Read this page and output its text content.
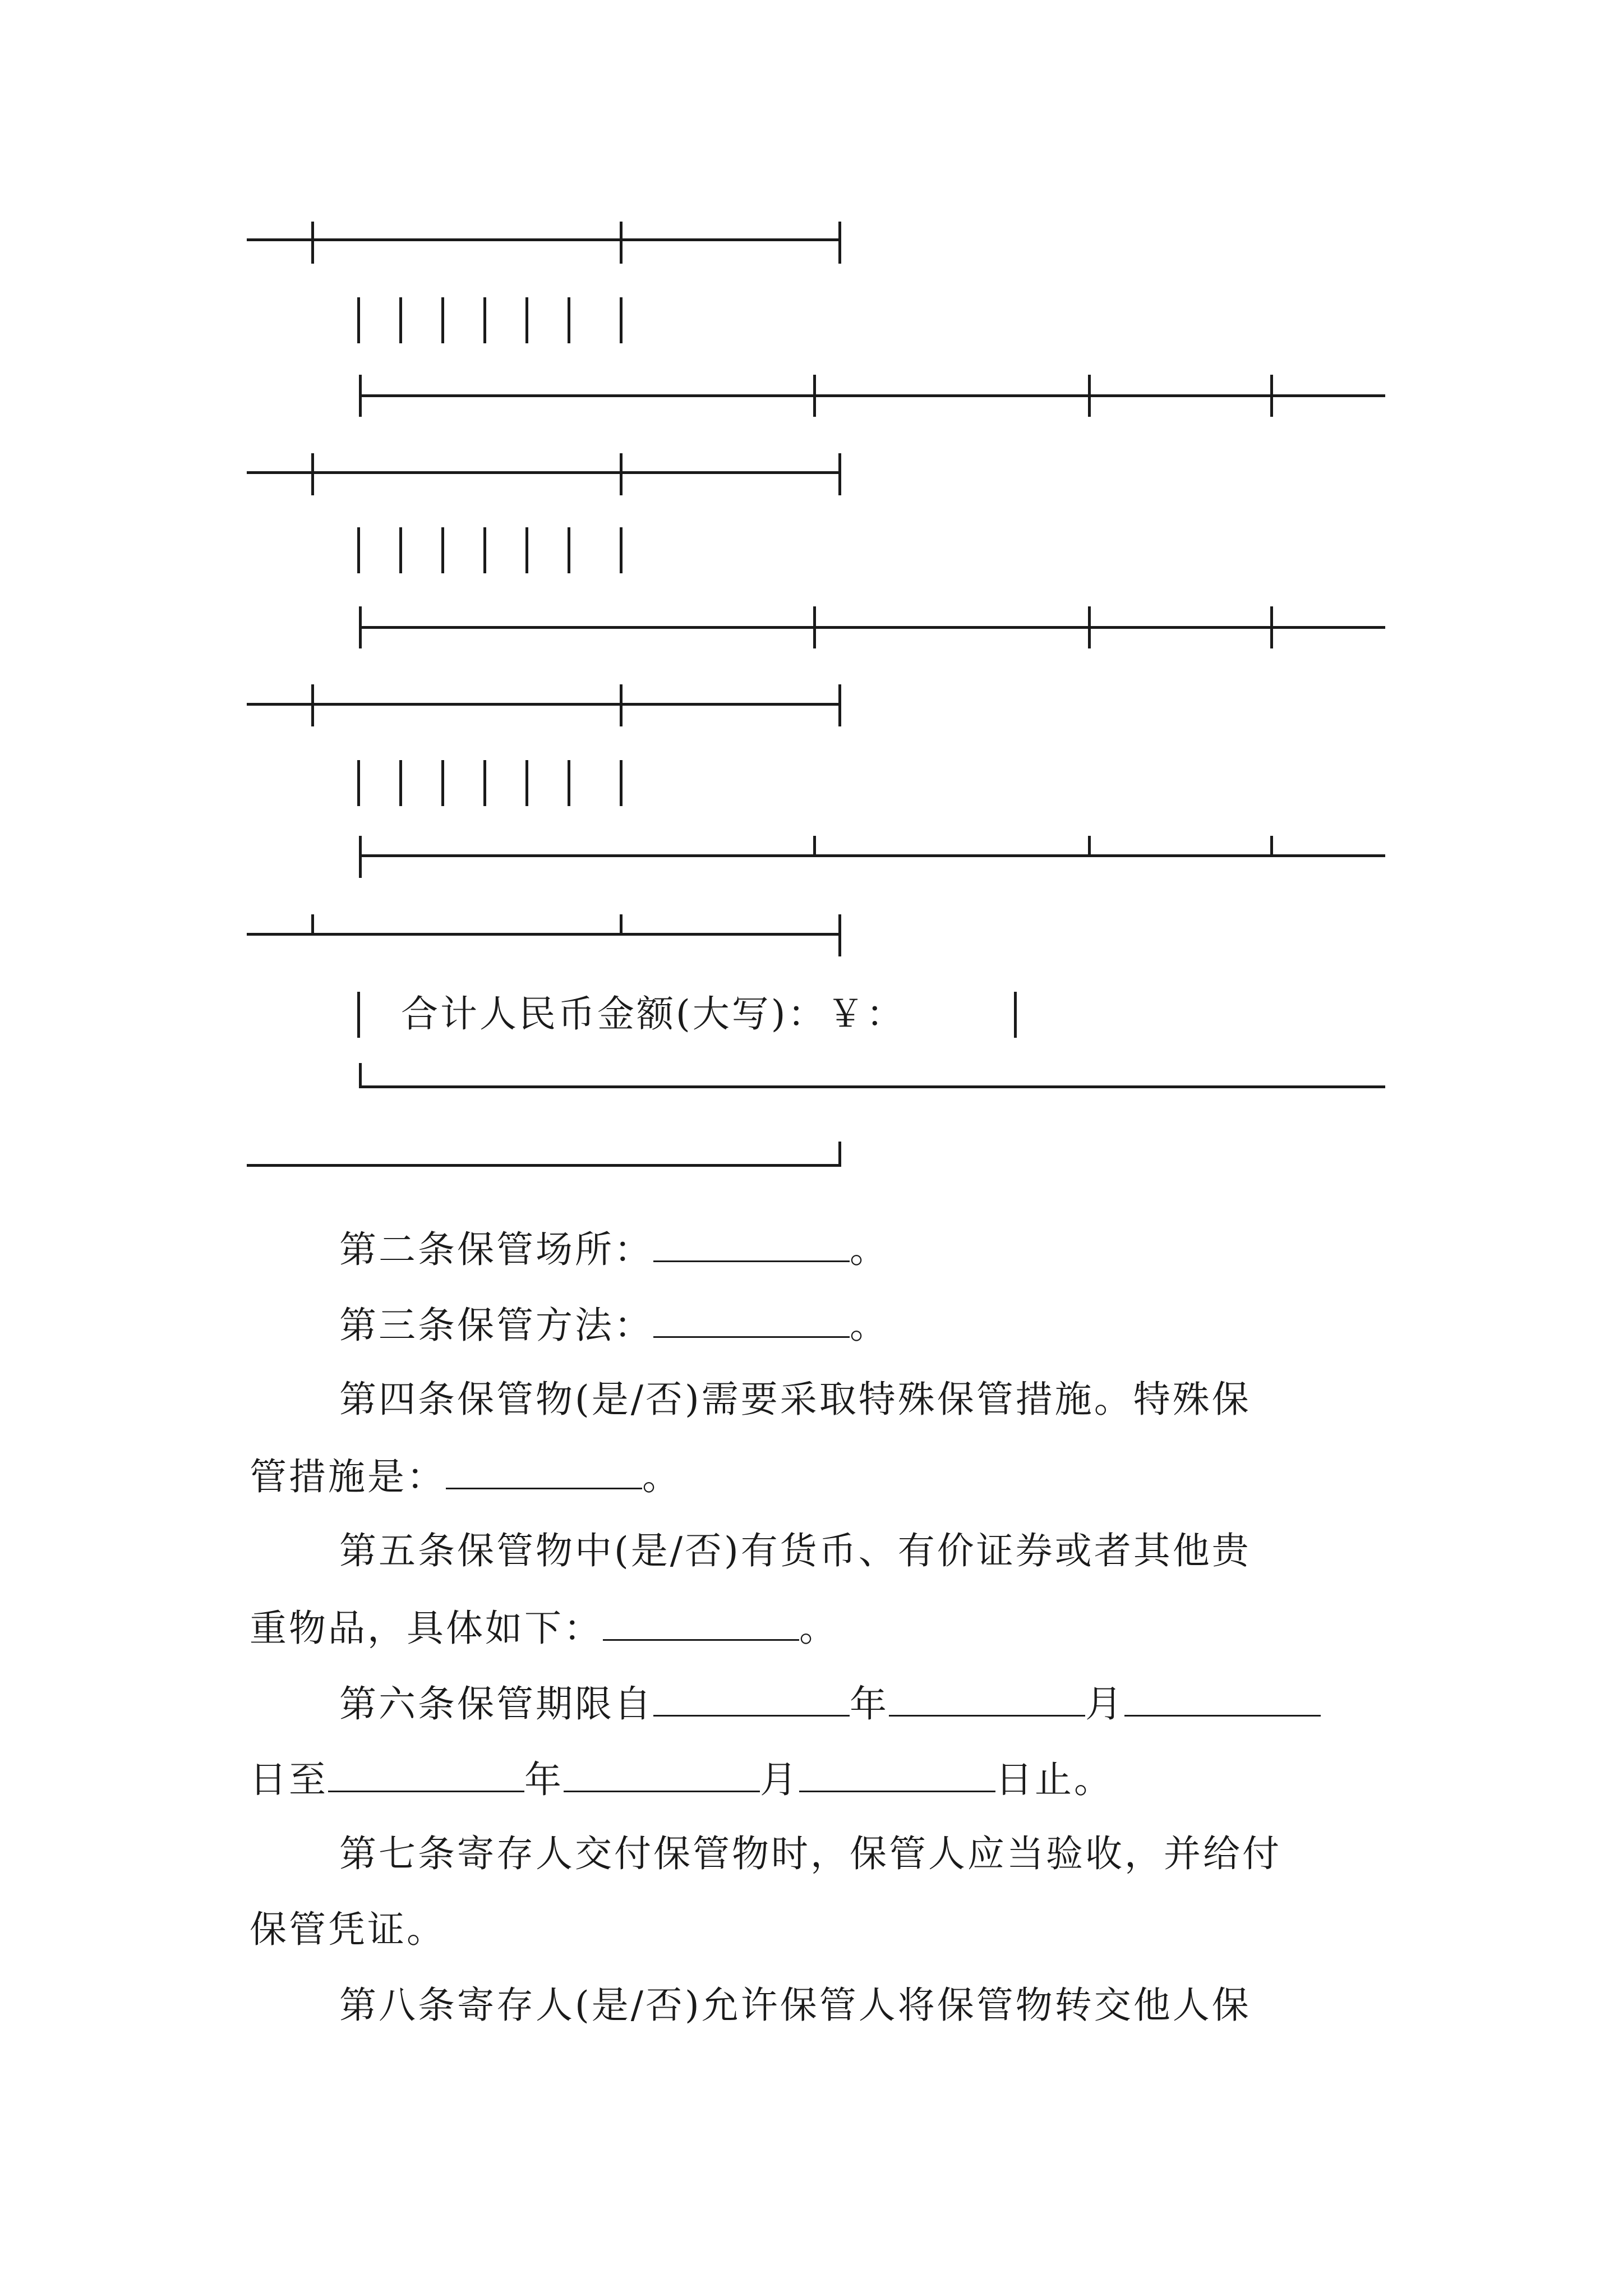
合计人民币金额(大写)：￥：
第二条保管场所：	。
第三条保管方法：	。
第四条保管物(是/否)需要采取特殊保管措施。特殊保
管措施是：	。
第五条保管物中(是/否)有货币、有价证券或者其他贵
重物品，具体如下：	。
第六条保管期限自	年	月
日至	年	月	日止。
第七条寄存人交付保管物时，保管人应当验收，并给付
保管凭证。
第八条寄存人(是/否)允许保管人将保管物转交他人保
